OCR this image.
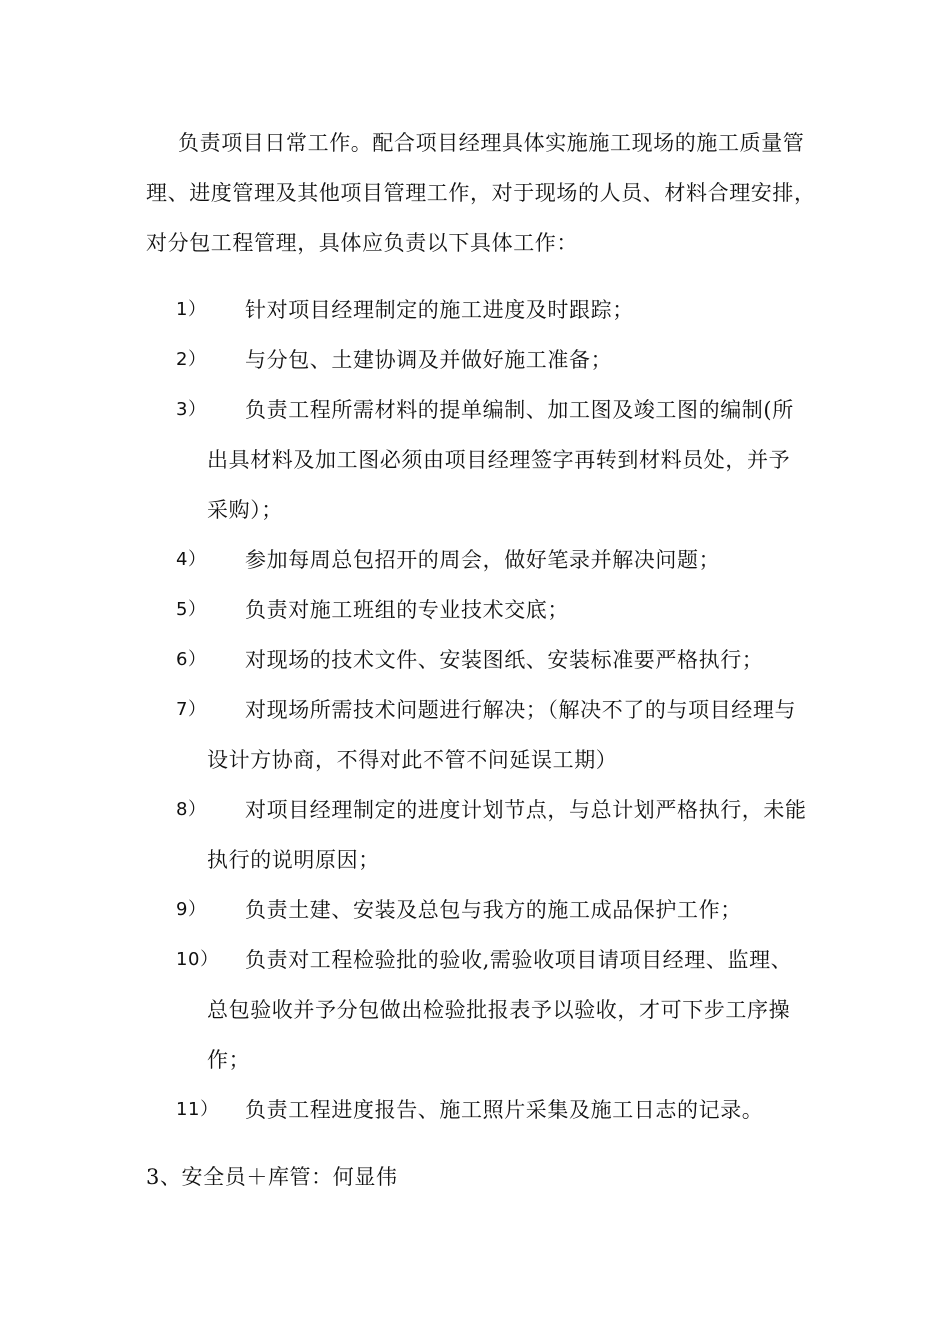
负责项目日常工作。配合项目经理具体实施施工现场的施工质量管理、进度管理及其他项目管理工作，对于现场的人员、材料合理安排，对分包工程管理，具体应负责以下具体工作：

1）	针对项目经理制定的施工进度及时跟踪；
2）	与分包、土建协调及并做好施工准备；
3）	负责工程所需材料的提单编制、加工图及竣工图的编制(所出具材料及加工图必须由项目经理签字再转到材料员处，并予采购）；
4）	参加每周总包招开的周会，做好笔录并解决问题；
5）	负责对施工班组的专业技术交底；
6）	对现场的技术文件、安装图纸、安装标准要严格执行；
7）	对现场所需技术问题进行解决；（解决不了的与项目经理与设计方协商，不得对此不管不问延误工期）
8）	对项目经理制定的进度计划节点，与总计划严格执行，未能执行的说明原因；
9）	负责土建、安装及总包与我方的施工成品保护工作；
10）	负责对工程检验批的验收,需验收项目请项目经理、监理、总包验收并予分包做出检验批报表予以验收，才可下步工序操作；
11）	负责工程进度报告、施工照片采集及施工日志的记录。

3、安全员＋库管：何显伟
